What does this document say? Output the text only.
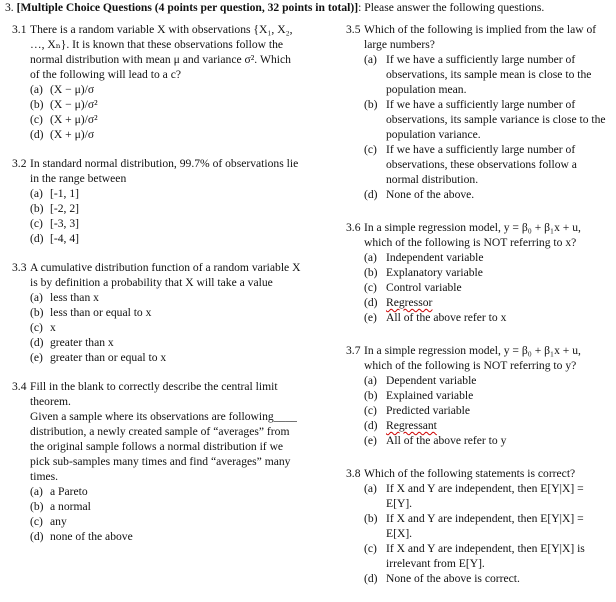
3. [Multiple Choice Questions (4 points per question, 32 points in total)]: Please answer the following questions.
3.1 There is a random variable X with observations {X₁, X₂, …, Xₙ}. It is known that these observations follow the normal distribution with mean μ and variance σ². Which of the following will lead to a c?
(a) (X − μ)/σ
(b) (X − μ)/σ²
(c) (X + μ)/σ²
(d) (X + μ)/σ
3.2 In standard normal distribution, 99.7% of observations lie in the range between
(a) [-1, 1]
(b) [-2, 2]
(c) [-3, 3]
(d) [-4, 4]
3.3 A cumulative distribution function of a random variable X is by definition a probability that X will take a value
(a) less than x
(b) less than or equal to x
(c) x
(d) greater than x
(e) greater than or equal to x
3.4 Fill in the blank to correctly describe the central limit theorem.
Given a sample where its observations are following____ distribution, a newly created sample of “averages” from the original sample follows a normal distribution if we pick sub-samples many times and find “averages” many times.
(a) a Pareto
(b) a normal
(c) any
(d) none of the above
3.5 Which of the following is implied from the law of large numbers?
(a) If we have a sufficiently large number of observations, its sample mean is close to the population mean.
(b) If we have a sufficiently large number of observations, its sample variance is close to the population variance.
(c) If we have a sufficiently large number of observations, these observations follow a normal distribution.
(d) None of the above.
3.6 In a simple regression model, y = β₀ + β₁x + u, which of the following is NOT referring to x?
(a) Independent variable
(b) Explanatory variable
(c) Control variable
(d) Regressor
(e) All of the above refer to x
3.7 In a simple regression model, y = β₀ + β₁x + u, which of the following is NOT referring to y?
(a) Dependent variable
(b) Explained variable
(c) Predicted variable
(d) Regressant
(e) All of the above refer to y
3.8 Which of the following statements is correct?
(a) If X and Y are independent, then E[Y|X] = E[Y].
(b) If X and Y are independent, then E[Y|X] = E[X].
(c) If X and Y are independent, then E[Y|X] is irrelevant from E[Y].
(d) None of the above is correct.
